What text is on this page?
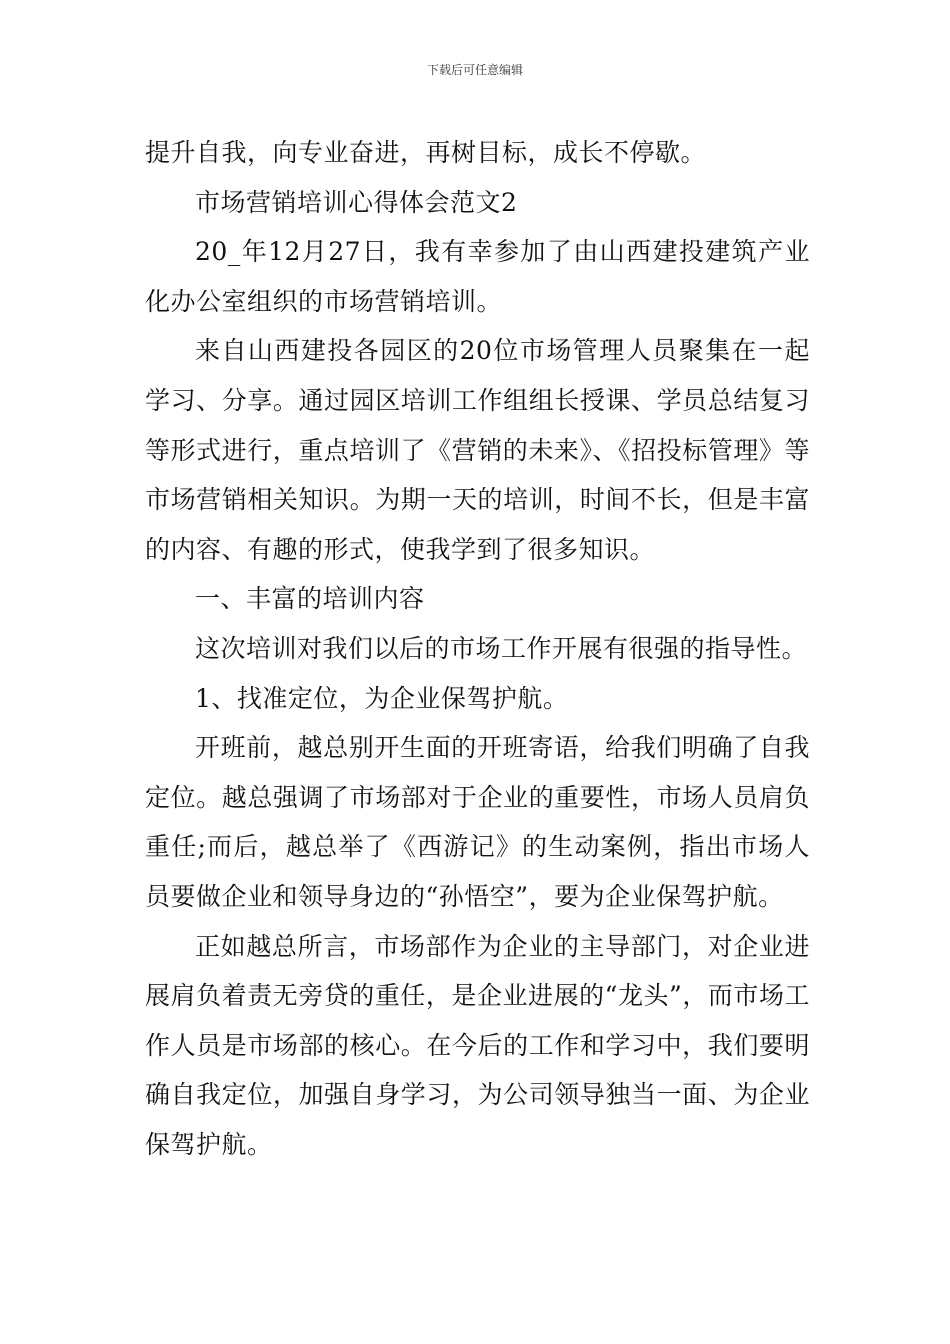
下载后可任意编辑

提升自我，向专业奋进，再树目标，成长不停歇。

市场营销培训心得体会范文2

20_年12月27日，我有幸参加了由山西建投建筑产业化办公室组织的市场营销培训。

来自山西建投各园区的20位市场管理人员聚集在一起学习、分享。通过园区培训工作组组长授课、学员总结复习等形式进行，重点培训了《营销的未来》、《招投标管理》等市场营销相关知识。为期一天的培训，时间不长，但是丰富的内容、有趣的形式，使我学到了很多知识。

一、丰富的培训内容

这次培训对我们以后的市场工作开展有很强的指导性。

1、找准定位，为企业保驾护航。

开班前，越总别开生面的开班寄语，给我们明确了自我定位。越总强调了市场部对于企业的重要性，市场人员肩负重任;而后，越总举了《西游记》的生动案例，指出市场人员要做企业和领导身边的“孙悟空”，要为企业保驾护航。

正如越总所言，市场部作为企业的主导部门，对企业进展肩负着责无旁贷的重任，是企业进展的“龙头”，而市场工作人员是市场部的核心。在今后的工作和学习中，我们要明确自我定位，加强自身学习，为公司领导独当一面、为企业保驾护航。
